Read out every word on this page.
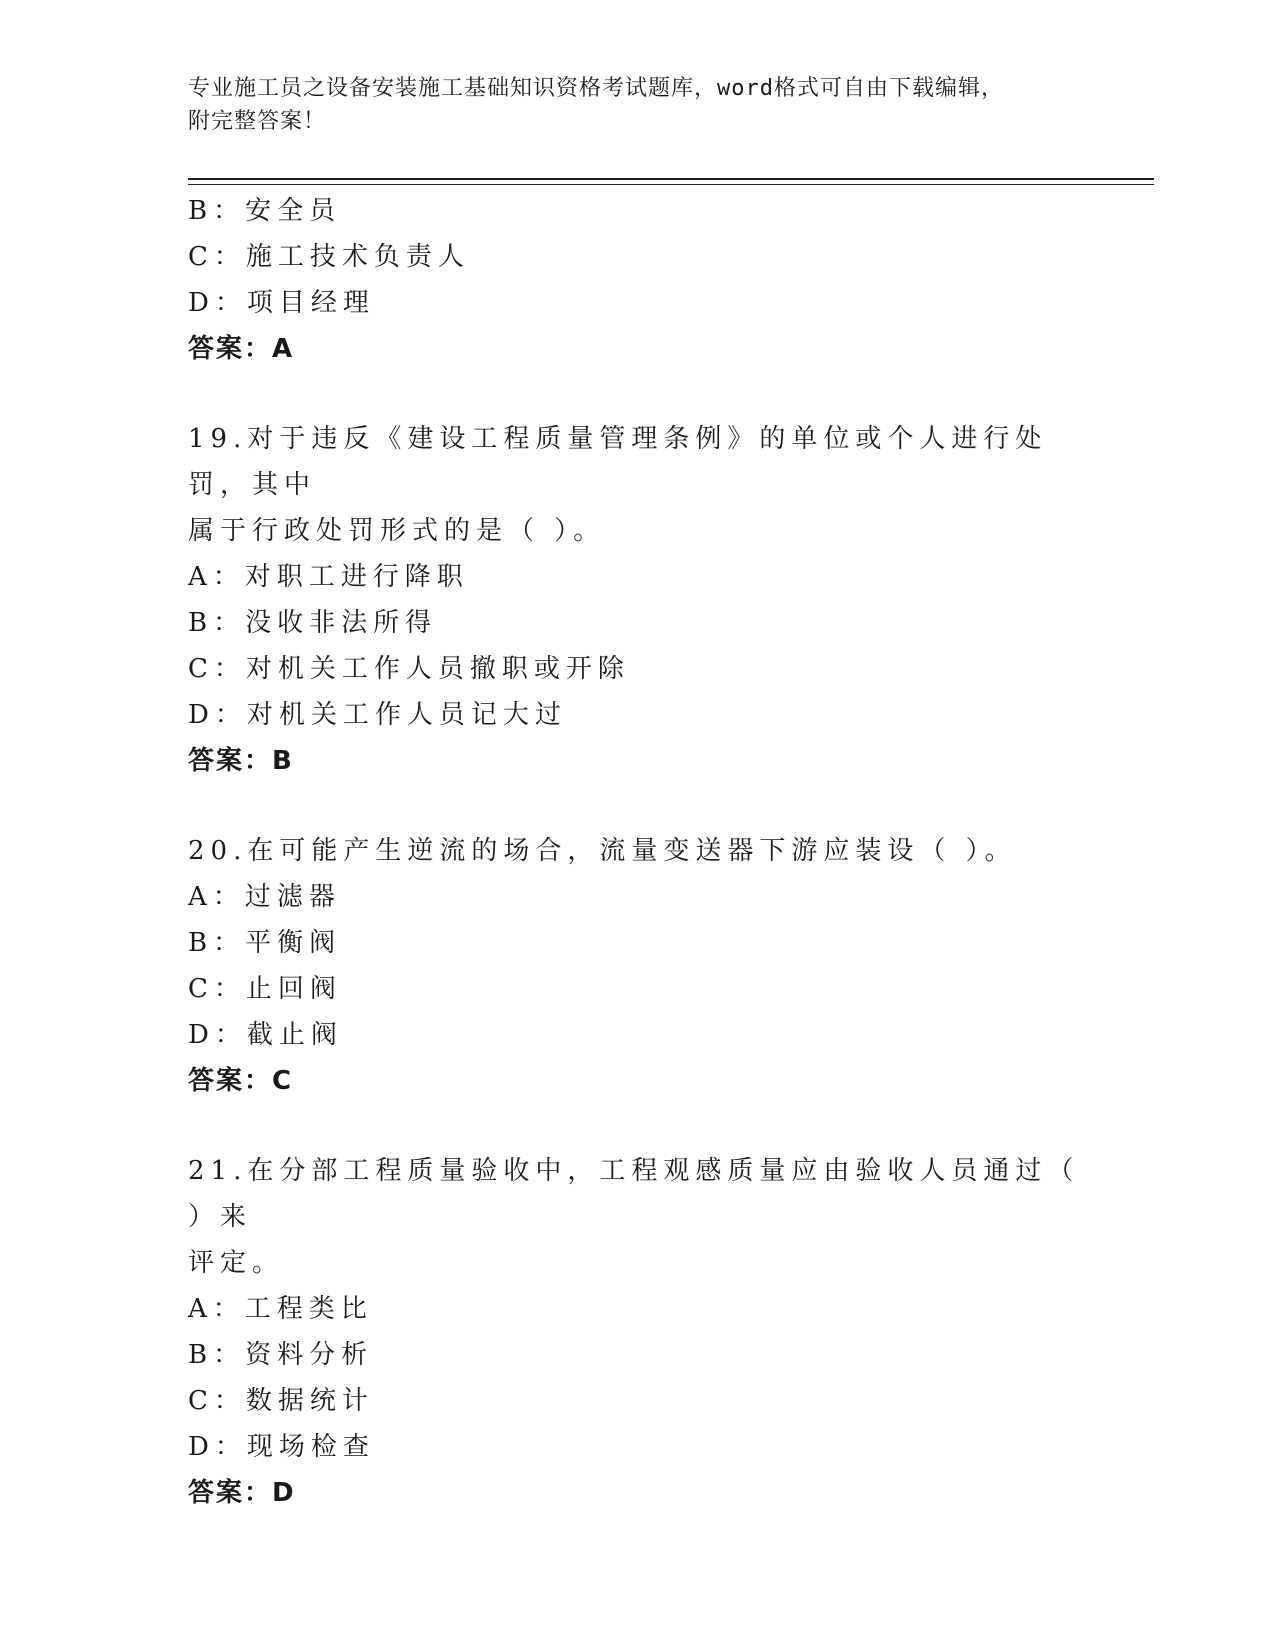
专业施工员之设备安装施工基础知识资格考试题库，word格式可自由下载编辑，
附完整答案！
B：安全员
C：施工技术负责人
D：项目经理
答案：A
19.对于违反《建设工程质量管理条例》的单位或个人进行处罚，其中
属于行政处罚形式的是（ ）。
A：对职工进行降职
B：没收非法所得
C：对机关工作人员撤职或开除
D：对机关工作人员记大过
答案：B
20.在可能产生逆流的场合，流量变送器下游应装设（ ）。
A：过滤器
B：平衡阀
C：止回阀
D：截止阀
答案：C
21.在分部工程质量验收中，工程观感质量应由验收人员通过（ ）来
评定。
A：工程类比
B：资料分析
C：数据统计
D：现场检查
答案：D
